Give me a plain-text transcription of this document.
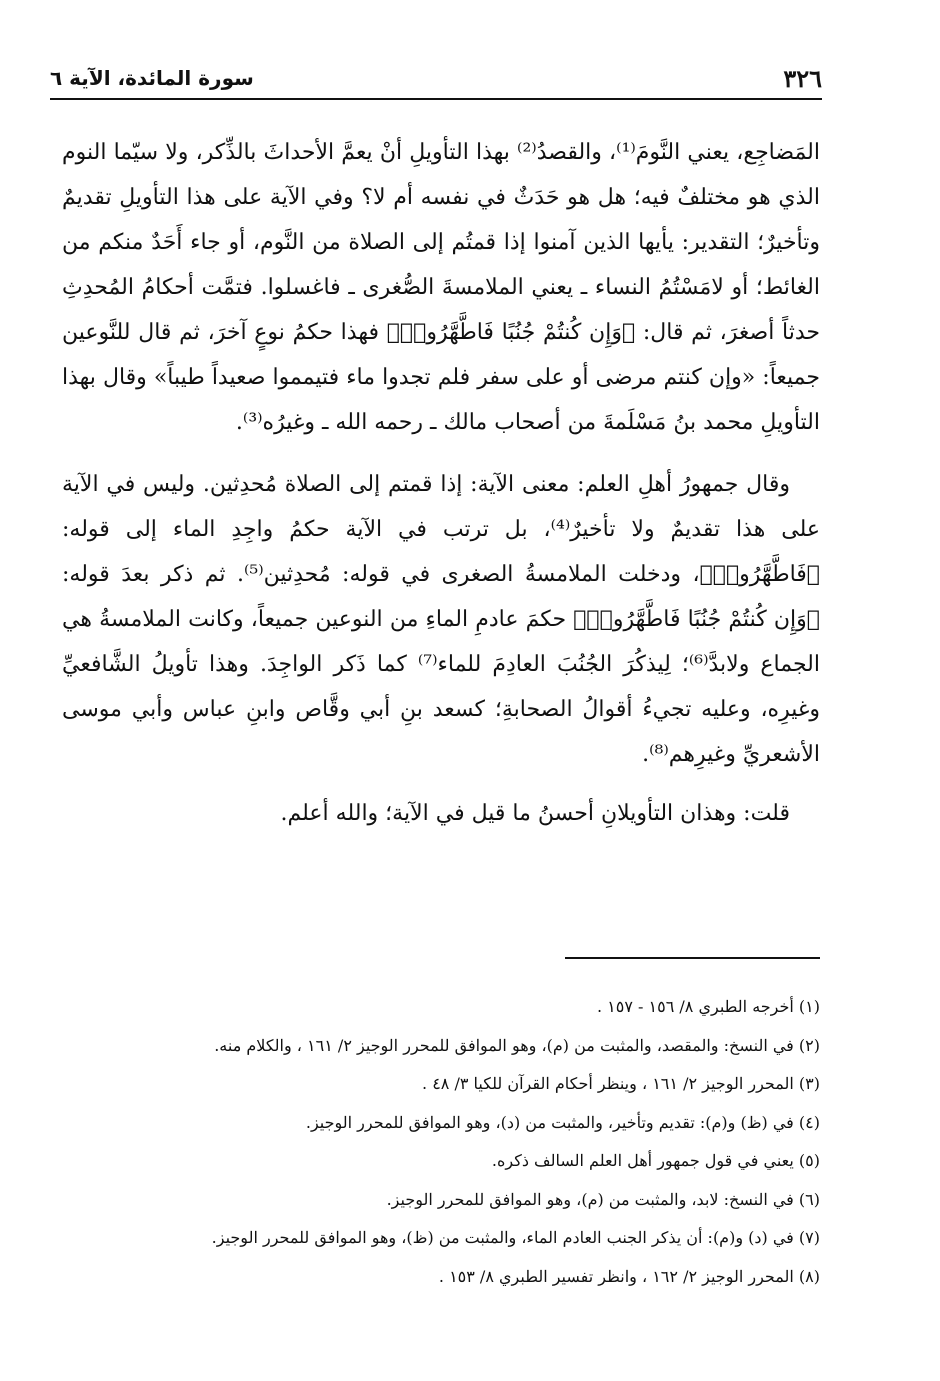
٣٢٦
سورة المائدة، الآية ٦

المَضاجِع، يعني النَّومَ⁽¹⁾، والقصدُ⁽²⁾ بهذا التأويلِ أنْ يعمَّ الأحداثَ بالذِّكر، ولا سيّما النوم الذي هو مختلفٌ فيه؛ هل هو حَدَثٌ في نفسه أم لا؟ وفي الآية على هذا التأويلِ تقديمٌ وتأخيرٌ؛ التقدير: يأيها الذين آمنوا إذا قمتُم إلى الصلاة من النَّوم، أو جاء أَحَدٌ منكم من الغائط؛ أو لامَسْتُمُ النساء ـ يعني الملامسةَ الصُّغرى ـ فاغسلوا. فتمَّت أحكامُ المُحدِثِ حدثاً أصغرَ، ثم قال: ﴿وَإِن كُنتُمْ جُنُبًا فَاطَّهَّرُوا۟﴾ فهذا حكمُ نوعٍ آخرَ، ثم قال للنَّوعين جميعاً: «وإن كنتم مرضى أو على سفر فلم تجدوا ماء فتيمموا صعيداً طيباً» وقال بهذا التأويلِ محمد بنُ مَسْلَمةَ من أصحاب مالك ـ رحمه الله ـ وغيرُه⁽³⁾.

وقال جمهورُ أهلِ العلم: معنى الآية: إذا قمتم إلى الصلاة مُحدِثين. وليس في الآية على هذا تقديمٌ ولا تأخيرٌ⁽⁴⁾، بل ترتب في الآية حكمُ واجِدِ الماء إلى قوله: ﴿فَاطَّهَّرُوا۟﴾، ودخلت الملامسةُ الصغرى في قوله: مُحدِثين⁽⁵⁾. ثم ذكر بعدَ قوله: ﴿وَإِن كُنتُمْ جُنُبًا فَاطَّهَّرُوا۟﴾ حكمَ عادمِ الماءِ من النوعين جميعاً، وكانت الملامسةُ هي الجماع ولابدَّ⁽⁶⁾؛ لِيذكُرَ الجُنُبَ العادِمَ للماء⁽⁷⁾ كما ذَكر الواجِدَ. وهذا تأويلُ الشَّافعيِّ وغيرِه، وعليه تجيءُ أقوالُ الصحابةِ؛ كسعد بنِ أبي وقَّاص وابنِ عباس وأبي موسى الأشعريِّ وغيرِهم⁽⁸⁾.

قلت: وهذان التأويلانِ أحسنُ ما قيل في الآية؛ والله أعلم.

(١) أخرجه الطبري ٨/ ١٥٦ - ١٥٧ .
(٢) في النسخ: والمقصد، والمثبت من (م)، وهو الموافق للمحرر الوجيز ٢/ ١٦١ ، والكلام منه.
(٣) المحرر الوجيز ٢/ ١٦١ ، وينظر أحكام القرآن للكيا ٣/ ٤٨ .
(٤) في (ظ) و(م): تقديم وتأخير، والمثبت من (د)، وهو الموافق للمحرر الوجيز.
(٥) يعني في قول جمهور أهل العلم السالف ذكره.
(٦) في النسخ: لابد، والمثبت من (م)، وهو الموافق للمحرر الوجيز.
(٧) في (د) و(م): أن يذكر الجنب العادم الماء، والمثبت من (ظ)، وهو الموافق للمحرر الوجيز.
(٨) المحرر الوجيز ٢/ ١٦٢ ، وانظر تفسير الطبري ٨/ ١٥٣ .
